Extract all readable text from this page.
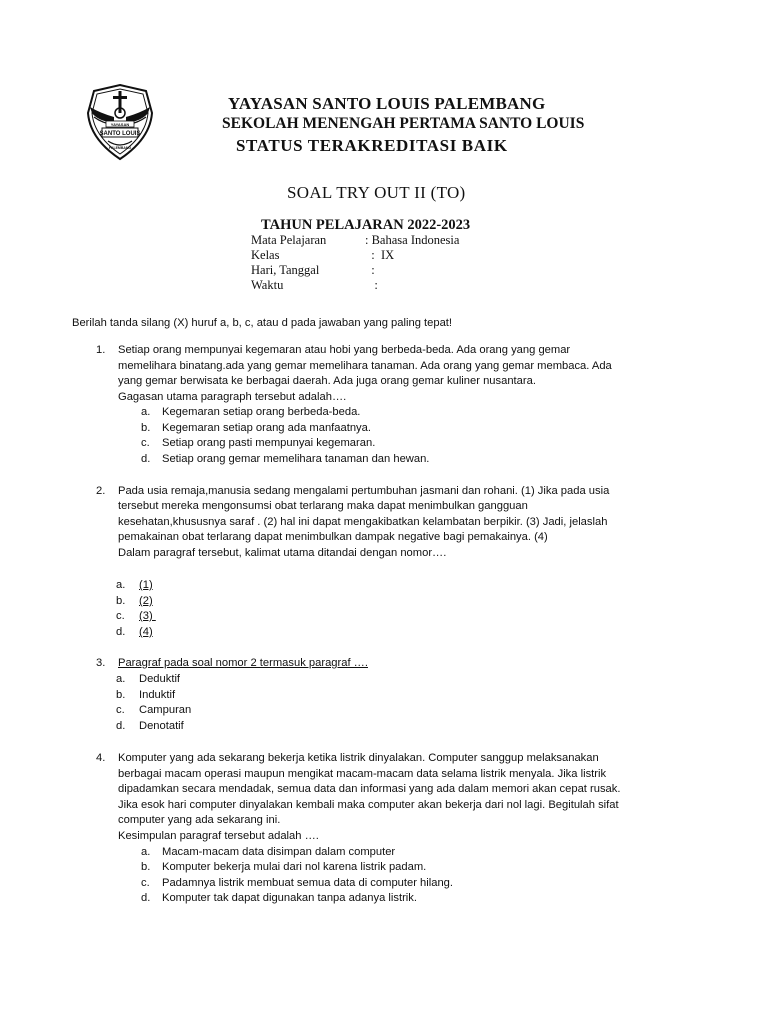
YAYASAN
SANTO LOUIS
PALEMBANG
YAYASAN SANTO LOUIS PALEMBANG
SEKOLAH MENENGAH PERTAMA SANTO LOUIS
STATUS TERAKREDITASI BAIK
SOAL TRY OUT II (TO)
TAHUN PELAJARAN 2022-2023
Mata Pelajaran	: Bahasa Indonesia
Kelas	:  IX
Hari, Tanggal	:
Waktu	:
Berilah tanda silang (X) huruf a, b, c, atau d pada jawaban yang paling tepat!
1. Setiap orang mempunyai kegemaran atau hobi yang berbeda-beda. Ada orang yang gemar
memelihara binatang.ada yang gemar memelihara tanaman. Ada orang yang gemar membaca. Ada
yang gemar berwisata ke berbagai daerah. Ada juga orang gemar kuliner nusantara.
Gagasan utama paragraph tersebut adalah….
a. Kegemaran setiap orang berbeda-beda.
b. Kegemaran setiap orang ada manfaatnya.
c. Setiap orang pasti mempunyai kegemaran.
d. Setiap orang gemar memelihara tanaman dan hewan.
2. Pada usia remaja,manusia sedang mengalami pertumbuhan jasmani dan rohani. (1) Jika pada usia
tersebut mereka mengonsumsi obat terlarang maka dapat menimbulkan gangguan
kesehatan,khususnya saraf . (2) hal ini dapat mengakibatkan kelambatan berpikir. (3) Jadi, jelaslah
pemakainan obat terlarang dapat menimbulkan dampak negative bagi pemakainya. (4)
Dalam paragraf tersebut, kalimat utama ditandai dengan nomor….
a. (1)
b. (2)
c. (3)
d. (4)
3. Paragraf pada soal nomor 2 termasuk paragraf ….
a. Deduktif
b. Induktif
c. Campuran
d. Denotatif
4. Komputer yang ada sekarang bekerja ketika listrik dinyalakan. Computer sanggup melaksanakan
berbagai macam operasi maupun mengikat macam-macam data selama listrik menyala. Jika listrik
dipadamkan secara mendadak, semua data dan informasi yang ada dalam memori akan cepat rusak.
Jika esok hari computer dinyalakan kembali maka computer akan bekerja dari nol lagi. Begitulah sifat
computer yang ada sekarang ini.
Kesimpulan paragraf tersebut adalah ….
a. Macam-macam data disimpan dalam computer
b. Komputer bekerja mulai dari nol karena listrik padam.
c. Padamnya listrik membuat semua data di computer hilang.
d. Komputer tak dapat digunakan tanpa adanya listrik.
